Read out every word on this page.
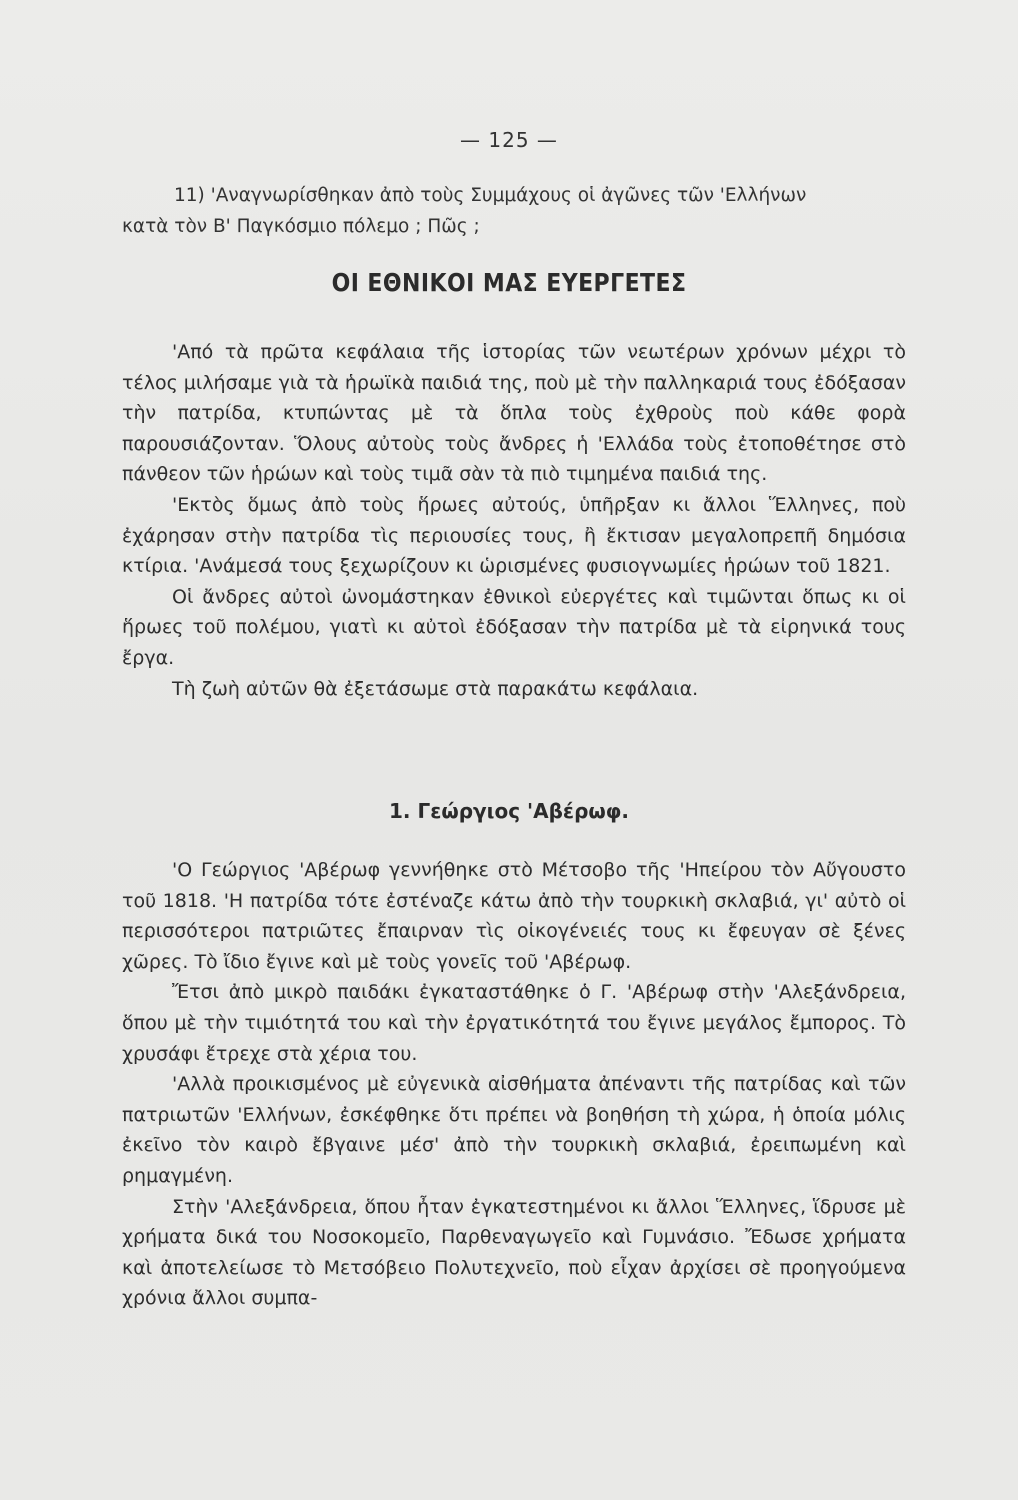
— 125 —

11) 'Αναγνωρίσθηκαν ἀπὸ τοὺς Συμμάχους οἱ ἀγῶνες τῶν 'Ελλήνων

κατὰ τὸν Β' Παγκόσμιο πόλεμο ; Πῶς ;

ΟΙ ΕΘΝΙΚΟΙ ΜΑΣ ΕΥΕΡΓΕΤΕΣ

'Από τὰ πρῶτα κεφάλαια τῆς ἱστορίας τῶν νεωτέρων χρόνων μέχρι τὸ τέλος μιλήσαμε γιὰ τὰ ἡρωϊκὰ παιδιά της, ποὺ μὲ τὴν παλληκαριά τους ἐδόξασαν τὴν πατρίδα, κτυπώντας μὲ τὰ ὅπλα τοὺς ἐχθροὺς ποὺ κάθε φορὰ παρουσιάζονταν. Ὅλους αὐτοὺς τοὺς ἄνδρες ἡ 'Ελλάδα τοὺς ἐτοποθέτησε στὸ πάνθεον τῶν ἡρώων καὶ τοὺς τιμᾶ σὰν τὰ πιὸ τιμημένα παιδιά της.

'Εκτὸς ὅμως ἀπὸ τοὺς ἥρωες αὐτούς, ὑπῆρξαν κι ἄλλοι Ἕλληνες, ποὺ ἐχάρησαν στὴν πατρίδα τὶς περιουσίες τους, ἢ ἔκτισαν μεγαλοπρεπῆ δημόσια κτίρια. 'Ανάμεσά τους ξεχωρίζουν κι ὡρισμένες φυσιογνωμίες ἡρώων τοῦ 1821.

Οἱ ἄνδρες αὐτοὶ ὠνομάστηκαν ἐθνικοὶ εὐεργέτες καὶ τιμῶνται ὅπως κι οἱ ἥρωες τοῦ πολέμου, γιατὶ κι αὐτοὶ ἐδόξασαν τὴν πατρίδα μὲ τὰ εἰρηνικά τους ἔργα.

Τὴ ζωὴ αὐτῶν θὰ ἐξετάσωμε στὰ παρακάτω κεφάλαια.

1. Γεώργιος 'Αβέρωφ.

'Ο Γεώργιος 'Αβέρωφ γεννήθηκε στὸ Μέτσοβο τῆς 'Ηπείρου τὸν Αὔγουστο τοῦ 1818. 'Η πατρίδα τότε ἐστέναζε κάτω ἀπὸ τὴν τουρκικὴ σκλαβιά, γι' αὐτὸ οἱ περισσότεροι πατριῶτες ἔπαιρναν τὶς οἰκογένειές τους κι ἔφευγαν σὲ ξένες χῶρες. Τὸ ἴδιο ἔγινε καὶ μὲ τοὺς γονεῖς τοῦ 'Αβέρωφ.

Ἔτσι ἀπὸ μικρὸ παιδάκι ἐγκαταστάθηκε ὁ Γ. 'Αβέρωφ στὴν 'Αλεξάνδρεια, ὅπου μὲ τὴν τιμιότητά του καὶ τὴν ἐργατικότητά του ἔγινε μεγάλος ἔμπορος. Τὸ χρυσάφι ἔτρεχε στὰ χέρια του.

'Αλλὰ προικισμένος μὲ εὐγενικὰ αἰσθήματα ἀπέναντι τῆς πατρίδας καὶ τῶν πατριωτῶν 'Ελλήνων, ἐσκέφθηκε ὅτι πρέπει νὰ βοηθήση τὴ χώρα, ἡ ὁποία μόλις ἐκεῖνο τὸν καιρὸ ἔβγαινε μέσ' ἀπὸ τὴν τουρκικὴ σκλαβιά, ἐρειπωμένη καὶ ρημαγμένη.

Στὴν 'Αλεξάνδρεια, ὅπου ἦταν ἐγκατεστημένοι κι ἄλλοι Ἕλληνες, ἵδρυσε μὲ χρήματα δικά του Νοσοκομεῖο, Παρθεναγωγεῖο καὶ Γυμνάσιο. Ἔδωσε χρήματα καὶ ἀποτελείωσε τὸ Μετσόβειο Πολυτεχνεῖο, ποὺ εἶχαν ἀρχίσει σὲ προηγούμενα χρόνια ἄλλοι συμπα-
